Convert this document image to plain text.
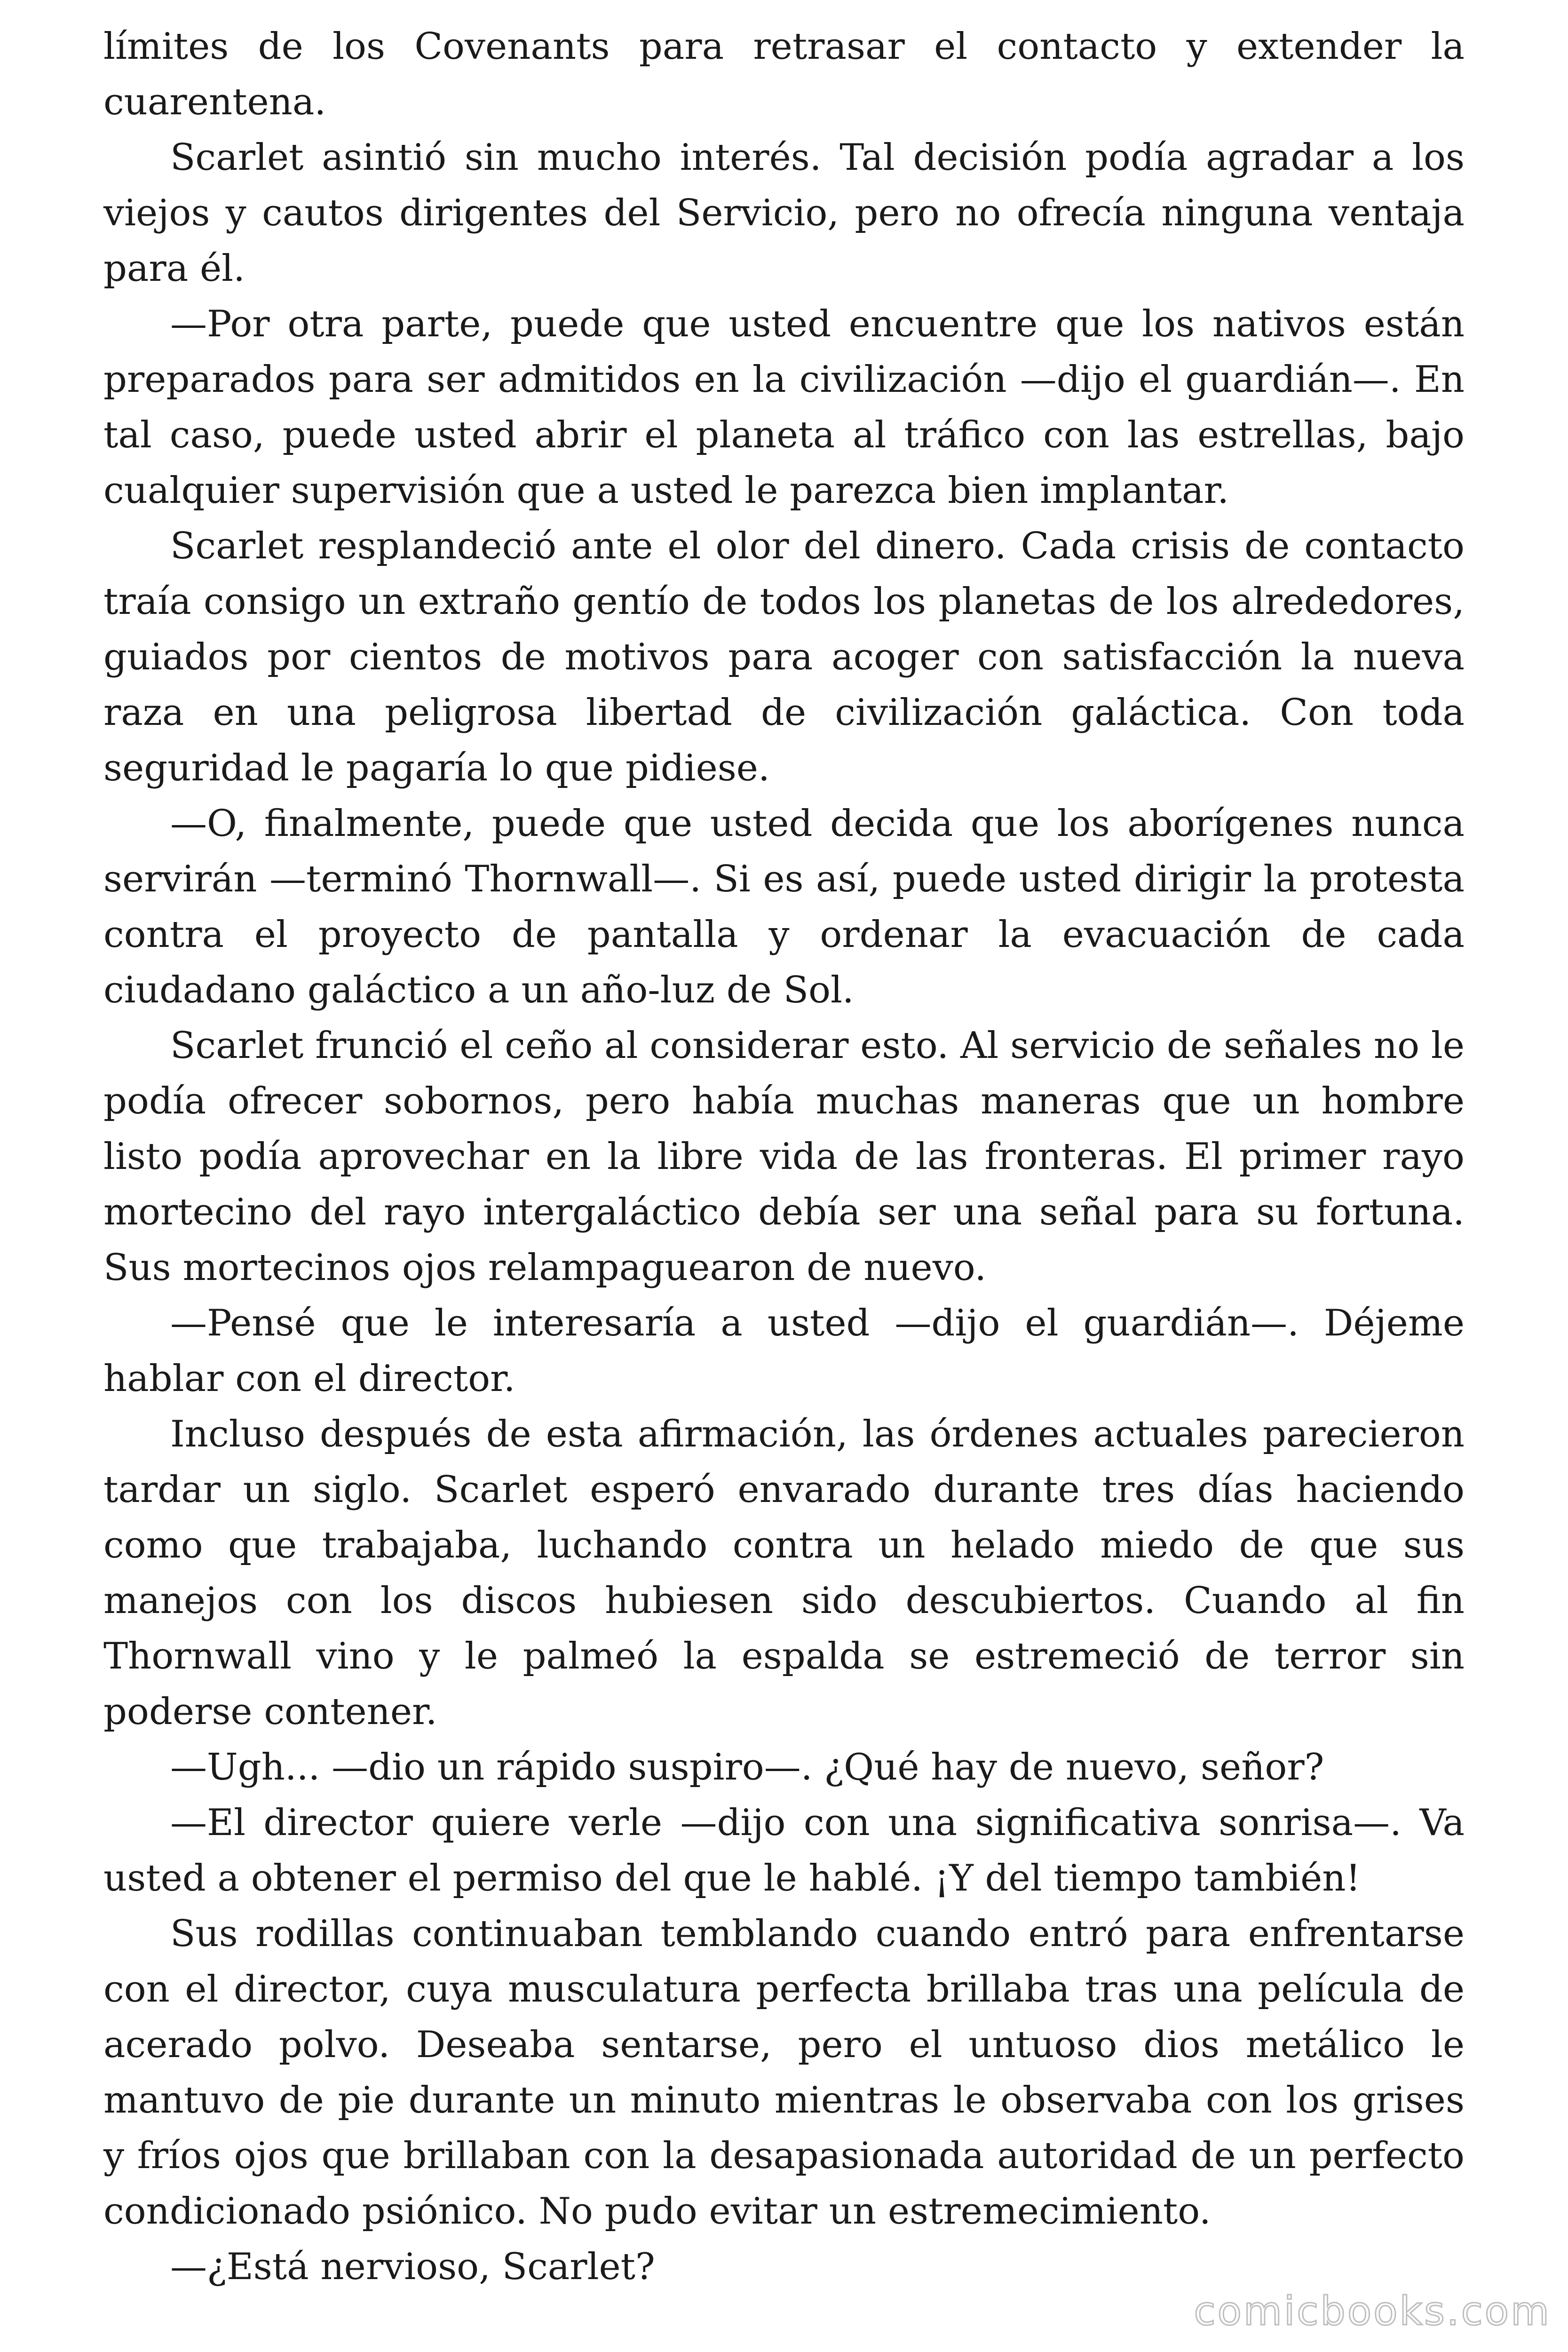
límites de los Covenants para retrasar el contacto y extender la cuarentena.

Scarlet asintió sin mucho interés. Tal decisión podía agradar a los viejos y cautos dirigentes del Servicio, pero no ofrecía ninguna ventaja para él.

—Por otra parte, puede que usted encuentre que los nativos están preparados para ser admitidos en la civilización —dijo el guardián—. En tal caso, puede usted abrir el planeta al tráfico con las estrellas, bajo cualquier supervisión que a usted le parezca bien implantar.

Scarlet resplandeció ante el olor del dinero. Cada crisis de contacto traía consigo un extraño gentío de todos los planetas de los alrededores, guiados por cientos de motivos para acoger con satisfacción la nueva raza en una peligrosa libertad de civilización galáctica. Con toda seguridad le pagaría lo que pidiese.

—O, finalmente, puede que usted decida que los aborígenes nunca servirán —terminó Thornwall—. Si es así, puede usted dirigir la protesta contra el proyecto de pantalla y ordenar la evacuación de cada ciudadano galáctico a un año-luz de Sol.

Scarlet frunció el ceño al considerar esto. Al servicio de señales no le podía ofrecer sobornos, pero había muchas maneras que un hombre listo podía aprovechar en la libre vida de las fronteras. El primer rayo mortecino del rayo intergaláctico debía ser una señal para su fortuna. Sus mortecinos ojos relampaguearon de nuevo.

—Pensé que le interesaría a usted —dijo el guardián—. Déjeme hablar con el director.

Incluso después de esta afirmación, las órdenes actuales parecieron tardar un siglo. Scarlet esperó envarado durante tres días haciendo como que trabajaba, luchando contra un helado miedo de que sus manejos con los discos hubiesen sido descubiertos. Cuando al fin Thornwall vino y le palmeó la espalda se estremeció de terror sin poderse contener.

—Ugh... —dio un rápido suspiro—. ¿Qué hay de nuevo, señor?

—El director quiere verle —dijo con una significativa sonrisa—. Va usted a obtener el permiso del que le hablé. ¡Y del tiempo también!

Sus rodillas continuaban temblando cuando entró para enfrentarse con el director, cuya musculatura perfecta brillaba tras una película de acerado polvo. Deseaba sentarse, pero el untuoso dios metálico le mantuvo de pie durante un minuto mientras le observaba con los grises y fríos ojos que brillaban con la desapasionada autoridad de un perfecto condicionado psiónico. No pudo evitar un estremecimiento.

—¿Está nervioso, Scarlet?

comicbooks.com
